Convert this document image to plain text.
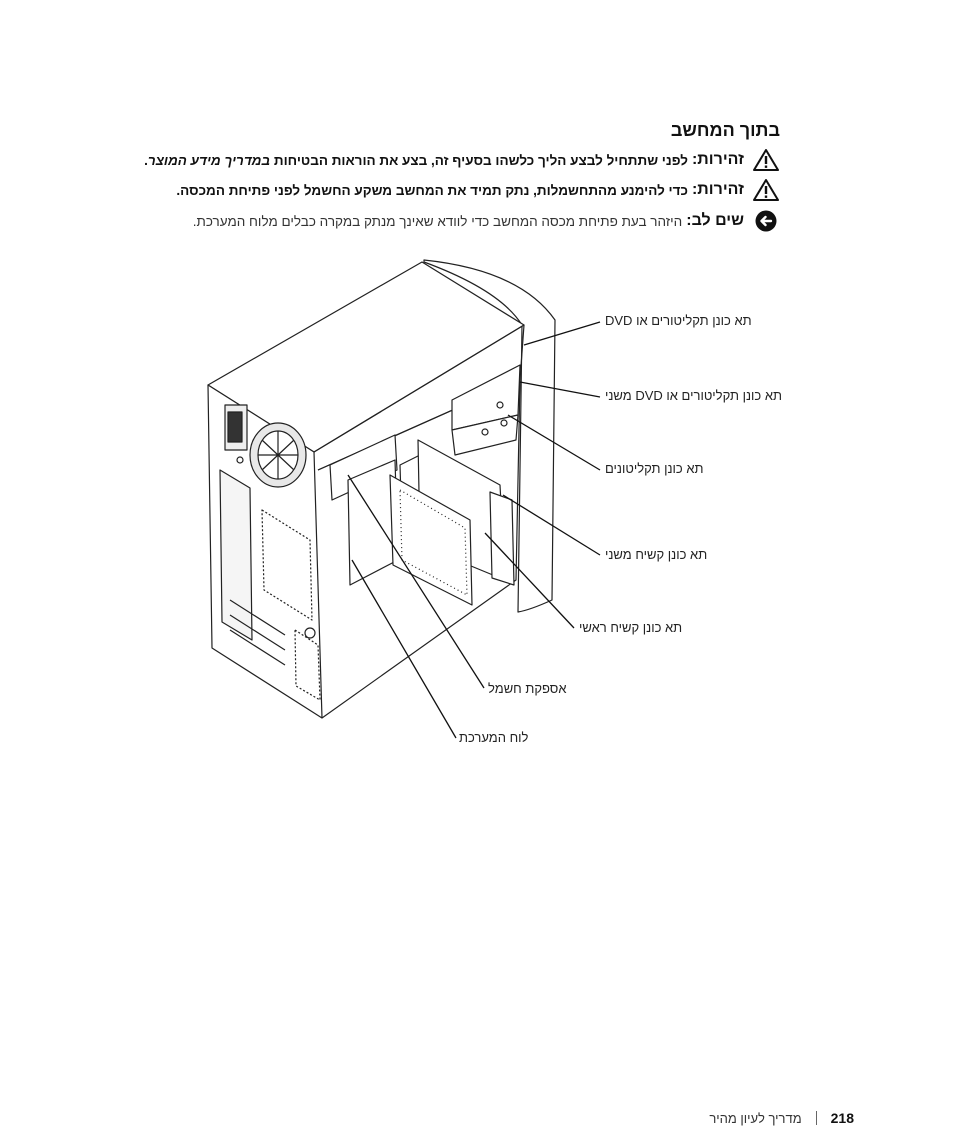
בתוך המחשב
זהירות:
לפני שתתחיל לבצע הליך כלשהו בסעיף זה, בצע את הוראות הבטיחות במדריך מידע המוצר.
זהירות:
כדי להימנע מהתחשמלות, נתק תמיד את המחשב משקע החשמל לפני פתיחת המכסה.
שים לב:
היזהר בעת פתיחת מכסה המחשב כדי לוודא שאינך מנתק במקרה כבלים מלוח המערכת.
תא כונן תקליטורים או DVD
תא כונן תקליטורים או DVD משני
תא כונן תקליטונים
תא כונן קשיח משני
תא כונן קשיח ראשי
אספקת חשמל
לוח המערכת
218
מדריך לעיון מהיר
